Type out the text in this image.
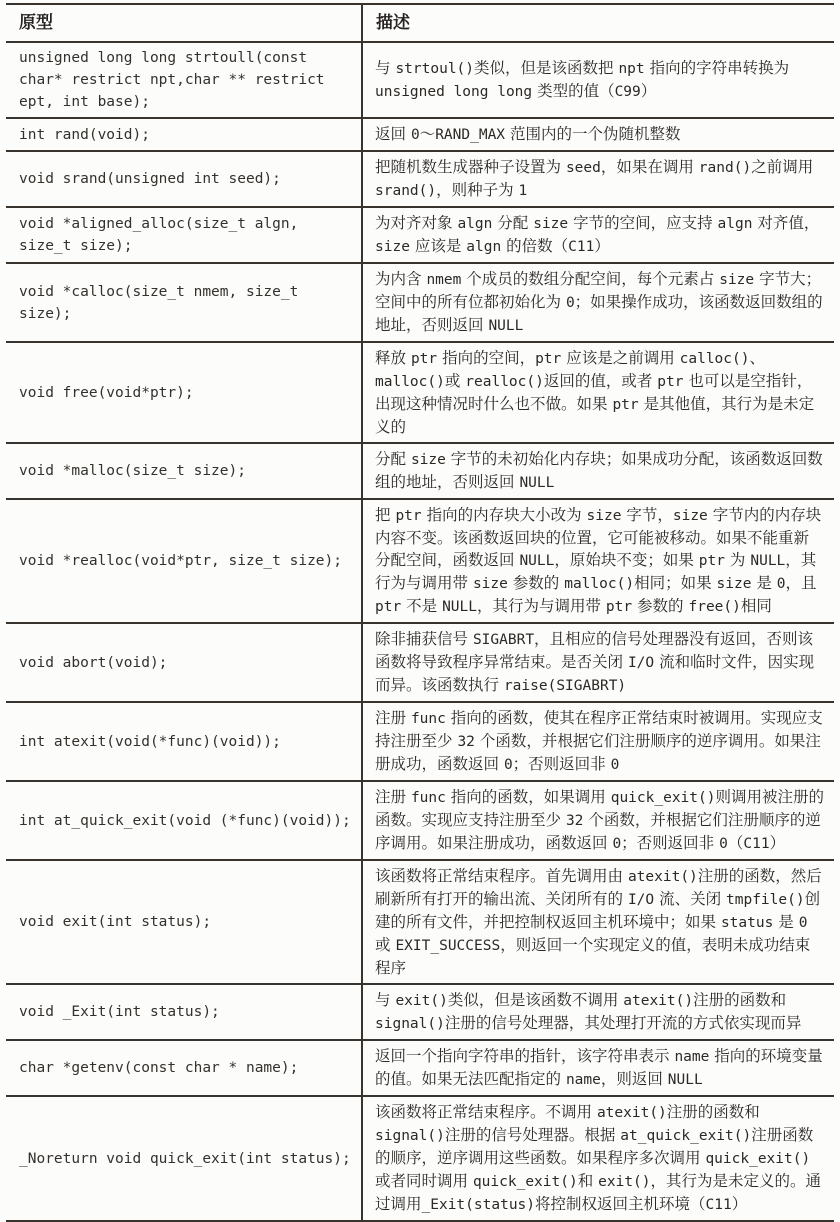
原型	描述
unsigned long long strtoull(const char* restrict npt,char ** restrict ept, int base);	与 strtoul()类似，但是该函数把 npt 指向的字符串转换为 unsigned long long 类型的值（C99）
int rand(void);	返回 0～RAND_MAX 范围内的一个伪随机整数
void srand(unsigned int seed);	把随机数生成器种子设置为 seed，如果在调用 rand()之前调用 srand()，则种子为 1
void *aligned_alloc(size_t algn, size_t size);	为对齐对象 algn 分配 size 字节的空间，应支持 algn 对齐值，size 应该是 algn 的倍数（C11）
void *calloc(size_t nmem, size_t size);	为内含 nmem 个成员的数组分配空间，每个元素占 size 字节大；空间中的所有位都初始化为 0；如果操作成功，该函数返回数组的地址，否则返回 NULL
void free(void*ptr);	释放 ptr 指向的空间，ptr 应该是之前调用 calloc()、malloc()或 realloc()返回的值，或者 ptr 也可以是空指针，出现这种情况时什么也不做。如果 ptr 是其他值，其行为是未定义的
void *malloc(size_t size);	分配 size 字节的未初始化内存块；如果成功分配，该函数返回数组的地址，否则返回 NULL
void *realloc(void*ptr, size_t size);	把 ptr 指向的内存块大小改为 size 字节，size 字节内的内存块内容不变。该函数返回块的位置，它可能被移动。如果不能重新分配空间，函数返回 NULL，原始块不变；如果 ptr 为 NULL，其行为与调用带 size 参数的 malloc()相同；如果 size 是 0，且 ptr 不是 NULL，其行为与调用带 ptr 参数的 free()相同
void abort(void);	除非捕获信号 SIGABRT，且相应的信号处理器没有返回，否则该函数将导致程序异常结束。是否关闭 I/O 流和临时文件，因实现而异。该函数执行 raise(SIGABRT)
int atexit(void(*func)(void));	注册 func 指向的函数，使其在程序正常结束时被调用。实现应支持注册至少 32 个函数，并根据它们注册顺序的逆序调用。如果注册成功，函数返回 0；否则返回非 0
int at_quick_exit(void (*func)(void));	注册 func 指向的函数，如果调用 quick_exit()则调用被注册的函数。实现应支持注册至少 32 个函数，并根据它们注册顺序的逆序调用。如果注册成功，函数返回 0；否则返回非 0（C11）
void exit(int status);	该函数将正常结束程序。首先调用由 atexit()注册的函数，然后刷新所有打开的输出流、关闭所有的 I/O 流、关闭 tmpfile()创建的所有文件，并把控制权返回主机环境中；如果 status 是 0 或 EXIT_SUCCESS，则返回一个实现定义的值，表明未成功结束程序
void _Exit(int status);	与 exit()类似，但是该函数不调用 atexit()注册的函数和 signal()注册的信号处理器，其处理打开流的方式依实现而异
char *getenv(const char * name);	返回一个指向字符串的指针，该字符串表示 name 指向的环境变量的值。如果无法匹配指定的 name，则返回 NULL
_Noreturn void quick_exit(int status);	该函数将正常结束程序。不调用 atexit()注册的函数和 signal()注册的信号处理器。根据 at_quick_exit()注册函数的顺序，逆序调用这些函数。如果程序多次调用 quick_exit()或者同时调用 quick_exit()和 exit()，其行为是未定义的。通过调用_Exit(status)将控制权返回主机环境（C11）
